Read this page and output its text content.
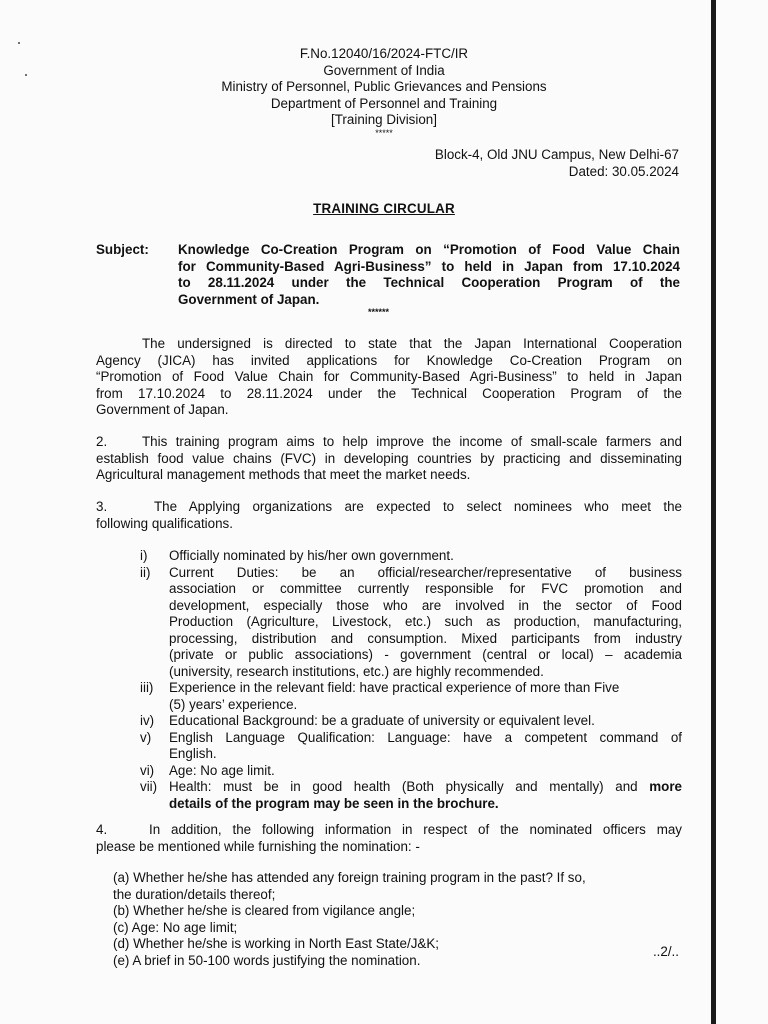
F.No.12040/16/2024-FTC/IR
Government of India
Ministry of Personnel, Public Grievances and Pensions
Department of Personnel and Training
[Training Division]
*****
Block-4, Old JNU Campus, New Delhi-67
Dated: 30.05.2024
TRAINING CIRCULAR
Subject: Knowledge Co-Creation Program on “Promotion of Food Value Chain
for Community-Based Agri-Business” to held in Japan from 17.10.2024
to 28.11.2024 under the Technical Cooperation Program of the
Government of Japan.
******
The undersigned is directed to state that the Japan International Cooperation
Agency (JICA) has invited applications for Knowledge Co-Creation Program on
“Promotion of Food Value Chain for Community-Based Agri-Business” to held in Japan
from 17.10.2024 to 28.11.2024 under the Technical Cooperation Program of the
Government of Japan.
2.	This training program aims to help improve the income of small-scale farmers and
establish food value chains (FVC) in developing countries by practicing and disseminating
Agricultural management methods that meet the market needs.
3.	The Applying organizations are expected to select nominees who meet the
following qualifications.
i) Officially nominated by his/her own government.
ii) Current Duties: be an official/researcher/representative of business
association or committee currently responsible for FVC promotion and
development, especially those who are involved in the sector of Food
Production (Agriculture, Livestock, etc.) such as production, manufacturing,
processing, distribution and consumption. Mixed participants from industry
(private or public associations) - government (central or local) – academia
(university, research institutions, etc.) are highly recommended.
iii) Experience in the relevant field: have practical experience of more than Five
(5) years’ experience.
iv) Educational Background: be a graduate of university or equivalent level.
v) English Language Qualification: Language: have a competent command of
English.
vi) Age: No age limit.
vii) Health: must be in good health (Both physically and mentally) and more
details of the program may be seen in the brochure.
4.	In addition, the following information in respect of the nominated officers may
please be mentioned while furnishing the nomination: -
(a) Whether he/she has attended any foreign training program in the past? If so,
the duration/details thereof;
(b) Whether he/she is cleared from vigilance angle;
(c) Age: No age limit;
(d) Whether he/she is working in North East State/J&K;
(e) A brief in 50-100 words justifying the nomination.
..2/..
